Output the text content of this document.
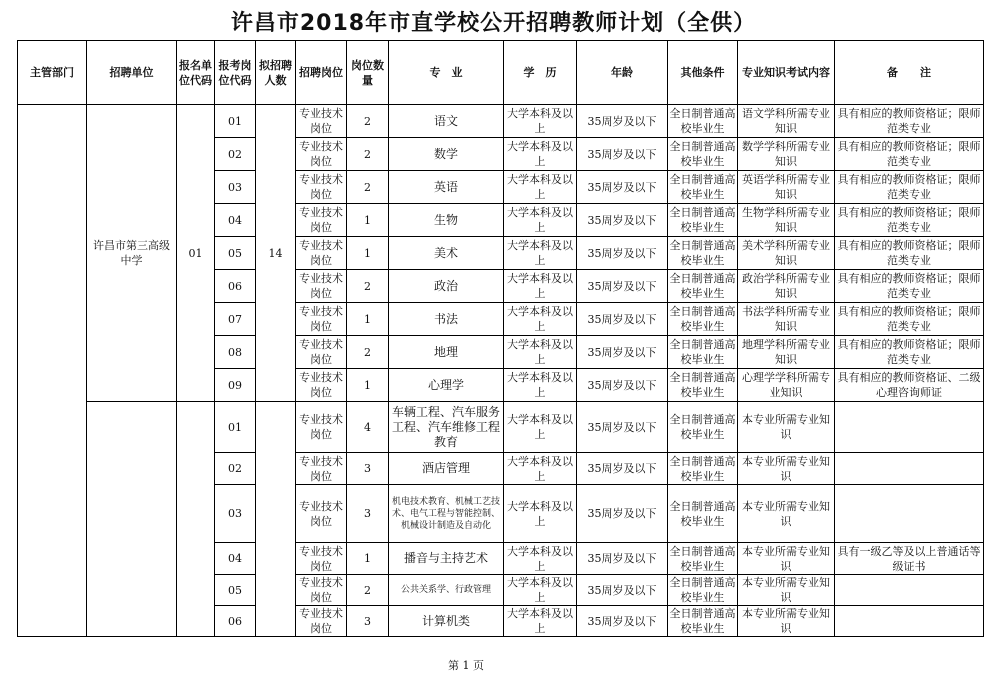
许昌市2018年市直学校公开招聘教师计划（全供）
主管部门	招聘单位	报名单位代码	报考岗位代码	拟招聘人数	招聘岗位	岗位数量	专　业	学　历	年龄	其他条件	专业知识考试内容	备　　注
	许昌市第三高级中学	01	01	14	专业技术岗位	2	语文	大学本科及以上	35周岁及以下	全日制普通高校毕业生	语文学科所需专业知识	具有相应的教师资格证；限师范类专业
			02		专业技术岗位	2	数学	大学本科及以上	35周岁及以下	全日制普通高校毕业生	数学学科所需专业知识	具有相应的教师资格证；限师范类专业
			03		专业技术岗位	2	英语	大学本科及以上	35周岁及以下	全日制普通高校毕业生	英语学科所需专业知识	具有相应的教师资格证；限师范类专业
			04		专业技术岗位	1	生物	大学本科及以上	35周岁及以下	全日制普通高校毕业生	生物学科所需专业知识	具有相应的教师资格证；限师范类专业
			05		专业技术岗位	1	美术	大学本科及以上	35周岁及以下	全日制普通高校毕业生	美术学科所需专业知识	具有相应的教师资格证；限师范类专业
			06		专业技术岗位	2	政治	大学本科及以上	35周岁及以下	全日制普通高校毕业生	政治学科所需专业知识	具有相应的教师资格证；限师范类专业
			07		专业技术岗位	1	书法	大学本科及以上	35周岁及以下	全日制普通高校毕业生	书法学科所需专业知识	具有相应的教师资格证；限师范类专业
			08		专业技术岗位	2	地理	大学本科及以上	35周岁及以下	全日制普通高校毕业生	地理学科所需专业知识	具有相应的教师资格证；限师范类专业
			09		专业技术岗位	1	心理学	大学本科及以上	35周岁及以下	全日制普通高校毕业生	心理学学科所需专业知识	具有相应的教师资格证、二级心理咨询师证
			01		专业技术岗位	4	车辆工程、汽车服务工程、汽车维修工程教育	大学本科及以上	35周岁及以下	全日制普通高校毕业生	本专业所需专业知识	
			02		专业技术岗位	3	酒店管理	大学本科及以上	35周岁及以下	全日制普通高校毕业生	本专业所需专业知识	
			03		专业技术岗位	3	机电技术教育、机械工艺技术、电气工程与智能控制、机械设计制造及自动化	大学本科及以上	35周岁及以下	全日制普通高校毕业生	本专业所需专业知识	
			04		专业技术岗位	1	播音与主持艺术	大学本科及以上	35周岁及以下	全日制普通高校毕业生	本专业所需专业知识	具有一级乙等及以上普通话等级证书
			05		专业技术岗位	2	公共关系学、行政管理	大学本科及以上	35周岁及以下	全日制普通高校毕业生	本专业所需专业知识	
			06		专业技术岗位	3	计算机类	大学本科及以上	35周岁及以下	全日制普通高校毕业生	本专业所需专业知识	
第 1 页
